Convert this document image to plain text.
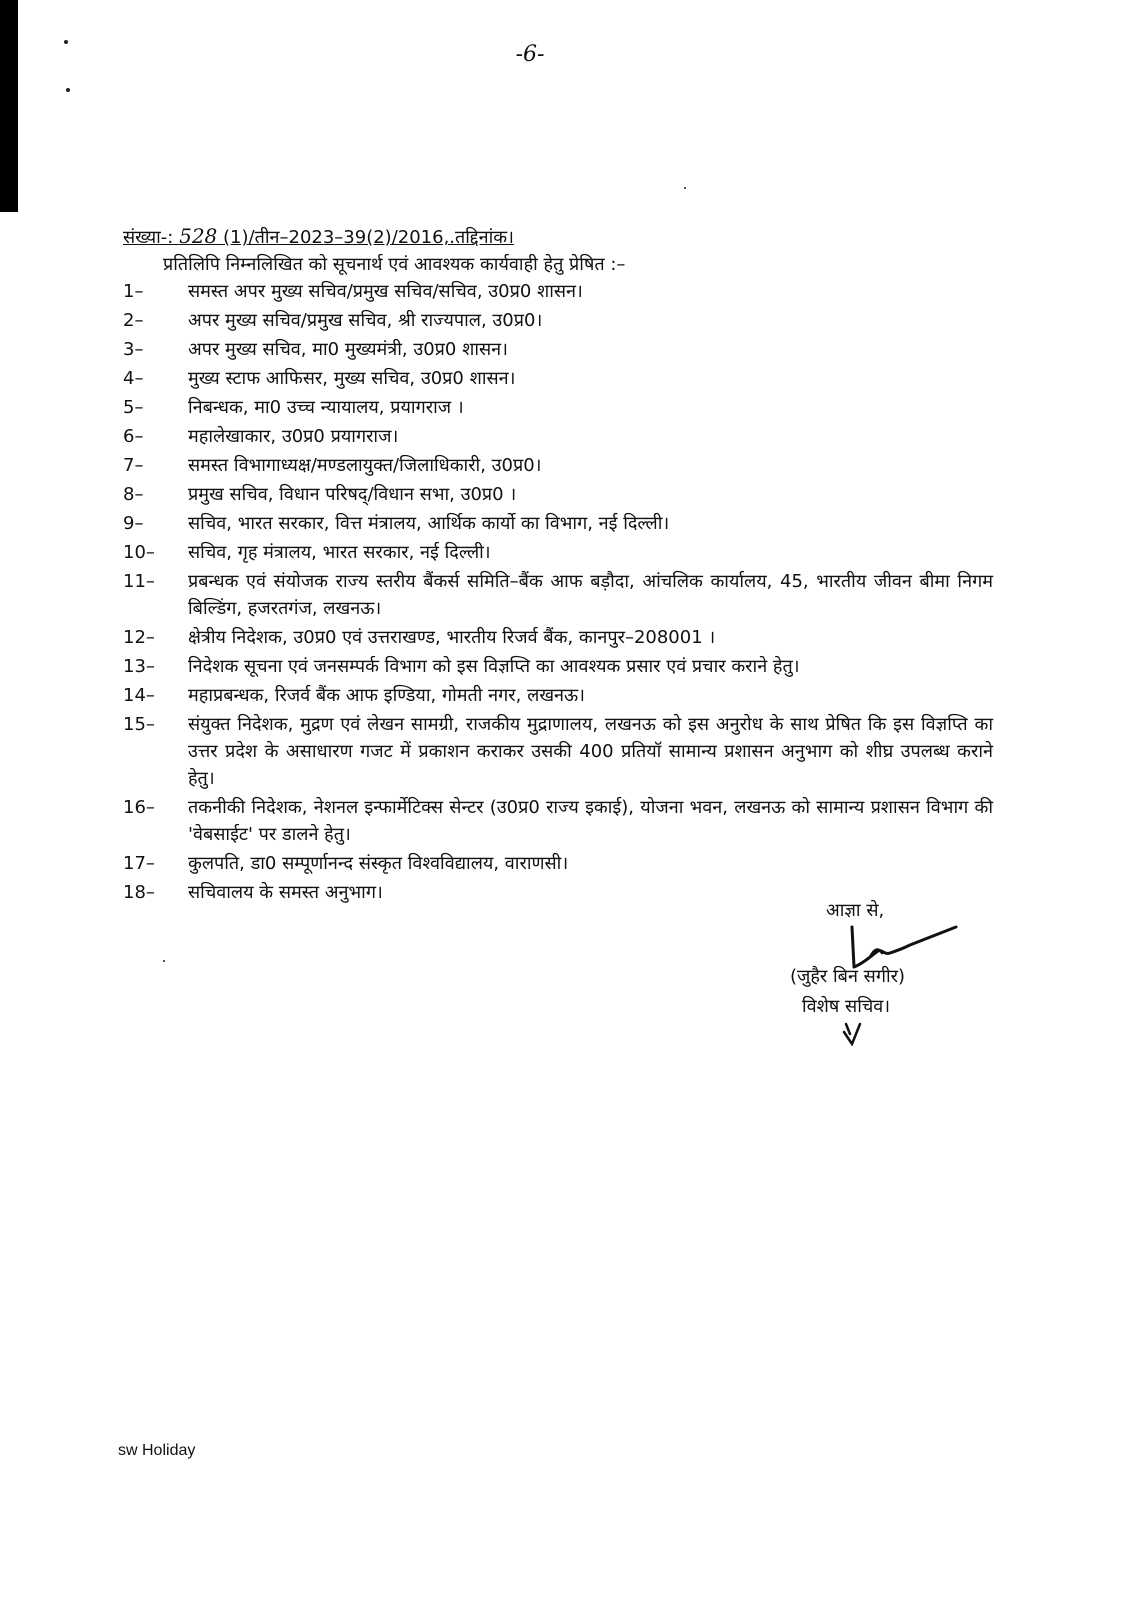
-6-
संख्या-: 528 (1)/तीन–2023–39(2)/2016,.तद्दिनांक।
प्रतिलिपि निम्नलिखित को सूचनार्थ एवं आवश्यक कार्यवाही हेतु प्रेषित :–
1–	समस्त अपर मुख्य सचिव/प्रमुख सचिव/सचिव, उ0प्र0 शासन।
2–	अपर मुख्य सचिव/प्रमुख सचिव, श्री राज्यपाल, उ0प्र0।
3–	अपर मुख्य सचिव, मा0 मुख्यमंत्री, उ0प्र0 शासन।
4–	मुख्य स्टाफ आफिसर, मुख्य सचिव, उ0प्र0 शासन।
5–	निबन्धक, मा0 उच्च न्यायालय, प्रयागराज ।
6–	महालेखाकार, उ0प्र0 प्रयागराज।
7–	समस्त विभागाध्यक्ष/मण्डलायुक्त/जिलाधिकारी, उ0प्र0।
8–	प्रमुख सचिव, विधान परिषद्/विधान सभा, उ0प्र0 ।
9–	सचिव, भारत सरकार, वित्त मंत्रालय, आर्थिक कार्यो का विभाग, नई दिल्ली।
10–	सचिव, गृह मंत्रालय, भारत सरकार, नई दिल्ली।
11–	प्रबन्धक एवं संयोजक राज्य स्तरीय बैंकर्स समिति–बैंक आफ बड़ौदा, आंचलिक कार्यालय, 45, भारतीय जीवन बीमा निगम बिल्डिंग, हजरतगंज, लखनऊ।
12–	क्षेत्रीय निदेशक, उ0प्र0 एवं उत्तराखण्ड, भारतीय रिजर्व बैंक, कानपुर–208001 ।
13–	निदेशक सूचना एवं जनसम्पर्क विभाग को इस विज्ञप्ति का आवश्यक प्रसार एवं प्रचार कराने हेतु।
14–	महाप्रबन्धक, रिजर्व बैंक आफ इण्डिया, गोमती नगर, लखनऊ।
15–	संयुक्त निदेशक, मुद्रण एवं लेखन सामग्री, राजकीय मुद्राणालय, लखनऊ को इस अनुरोध के साथ प्रेषित कि इस विज्ञप्ति का उत्तर प्रदेश के असाधारण गजट में प्रकाशन कराकर उसकी 400 प्रतियॉ सामान्य प्रशासन अनुभाग को शीघ्र उपलब्ध कराने हेतु।
16–	तकनीकी निदेशक, नेशनल इन्फार्मेटिक्स सेन्टर (उ0प्र0 राज्य इकाई), योजना भवन, लखनऊ को सामान्य प्रशासन विभाग की 'वेबसाईट' पर डालने हेतु।
17–	कुलपति, डा0 सम्पूर्णानन्द संस्कृत विश्वविद्यालय, वाराणसी।
18–	सचिवालय के समस्त अनुभाग।
आज्ञा से,
(जुहैर बिन सगीर)
विशेष सचिव।
sw Holiday
